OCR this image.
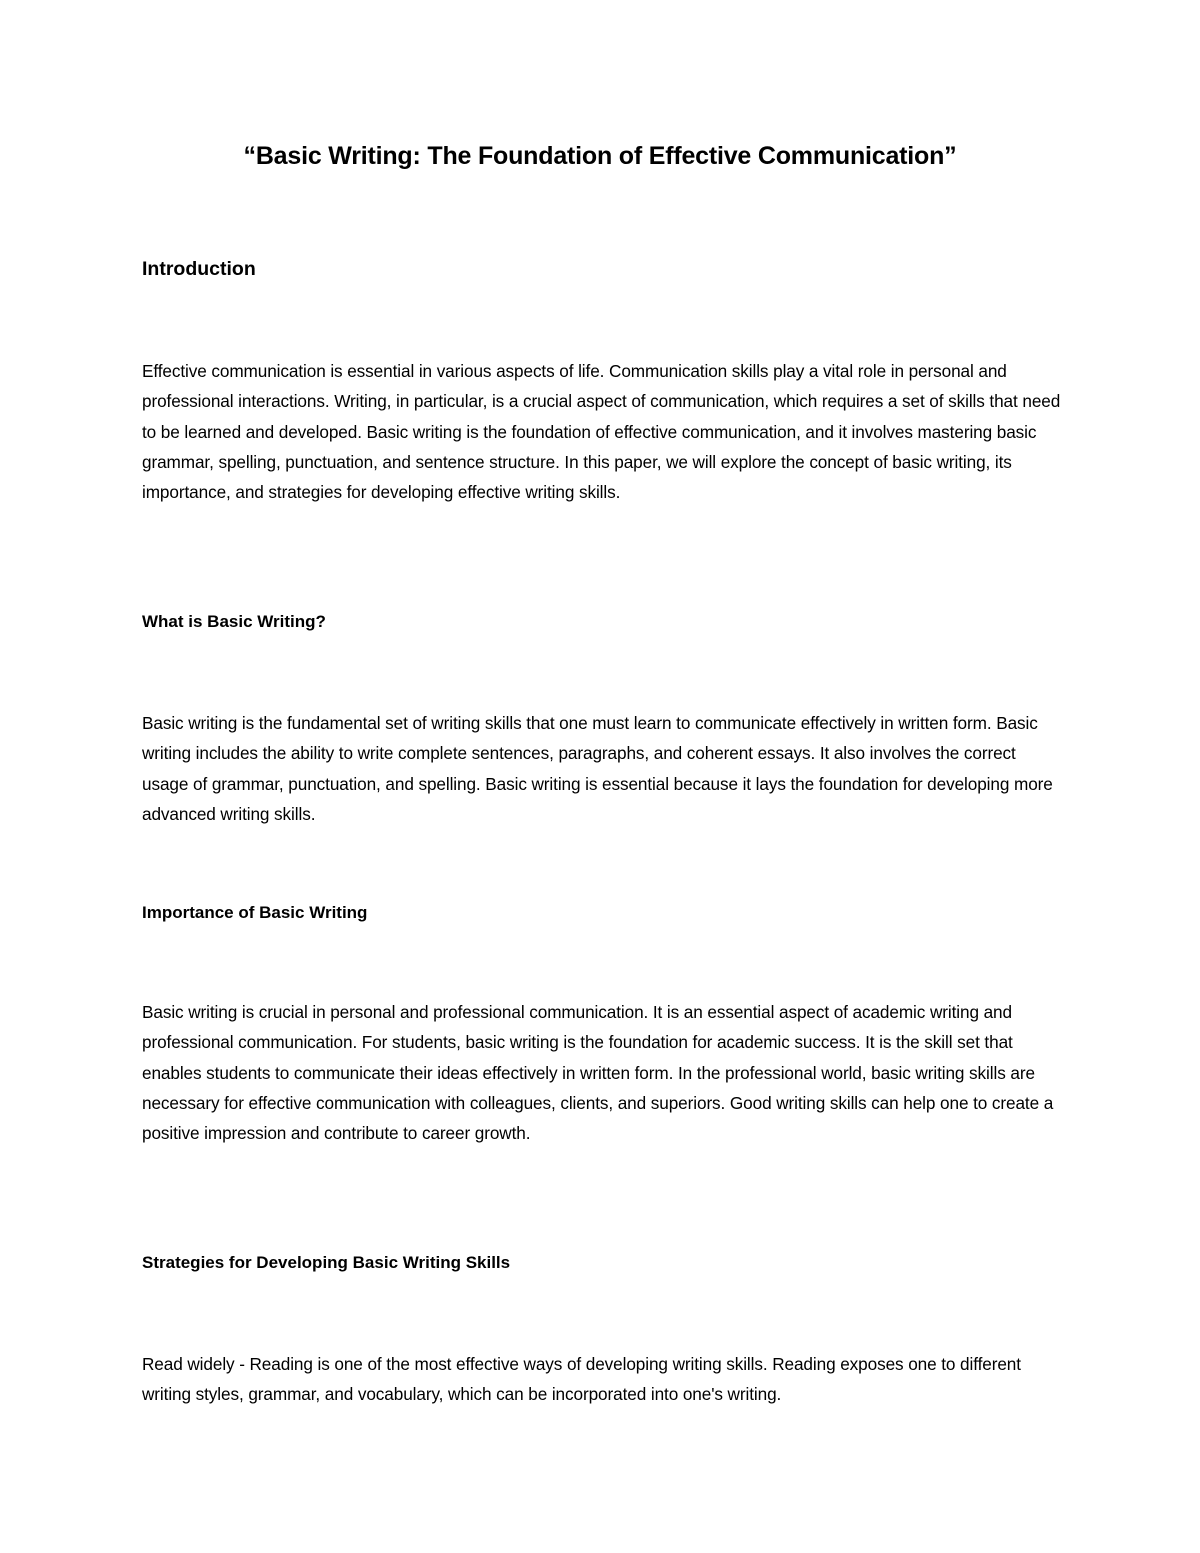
“Basic Writing: The Foundation of Effective Communication”
Introduction

Effective communication is essential in various aspects of life. Communication skills play a vital role in personal and professional interactions. Writing, in particular, is a crucial aspect of communication, which requires a set of skills that need to be learned and developed. Basic writing is the foundation of effective communication, and it involves mastering basic grammar, spelling, punctuation, and sentence structure. In this paper, we will explore the concept of basic writing, its importance, and strategies for developing effective writing skills.

What is Basic Writing?

Basic writing is the fundamental set of writing skills that one must learn to communicate effectively in written form. Basic writing includes the ability to write complete sentences, paragraphs, and coherent essays. It also involves the correct usage of grammar, punctuation, and spelling. Basic writing is essential because it lays the foundation for developing more advanced writing skills.

Importance of Basic Writing

Basic writing is crucial in personal and professional communication. It is an essential aspect of academic writing and professional communication. For students, basic writing is the foundation for academic success. It is the skill set that enables students to communicate their ideas effectively in written form. In the professional world, basic writing skills are necessary for effective communication with colleagues, clients, and superiors. Good writing skills can help one to create a positive impression and contribute to career growth.

Strategies for Developing Basic Writing Skills

Read widely - Reading is one of the most effective ways of developing writing skills. Reading exposes one to different writing styles, grammar, and vocabulary, which can be incorporated into one's writing.
